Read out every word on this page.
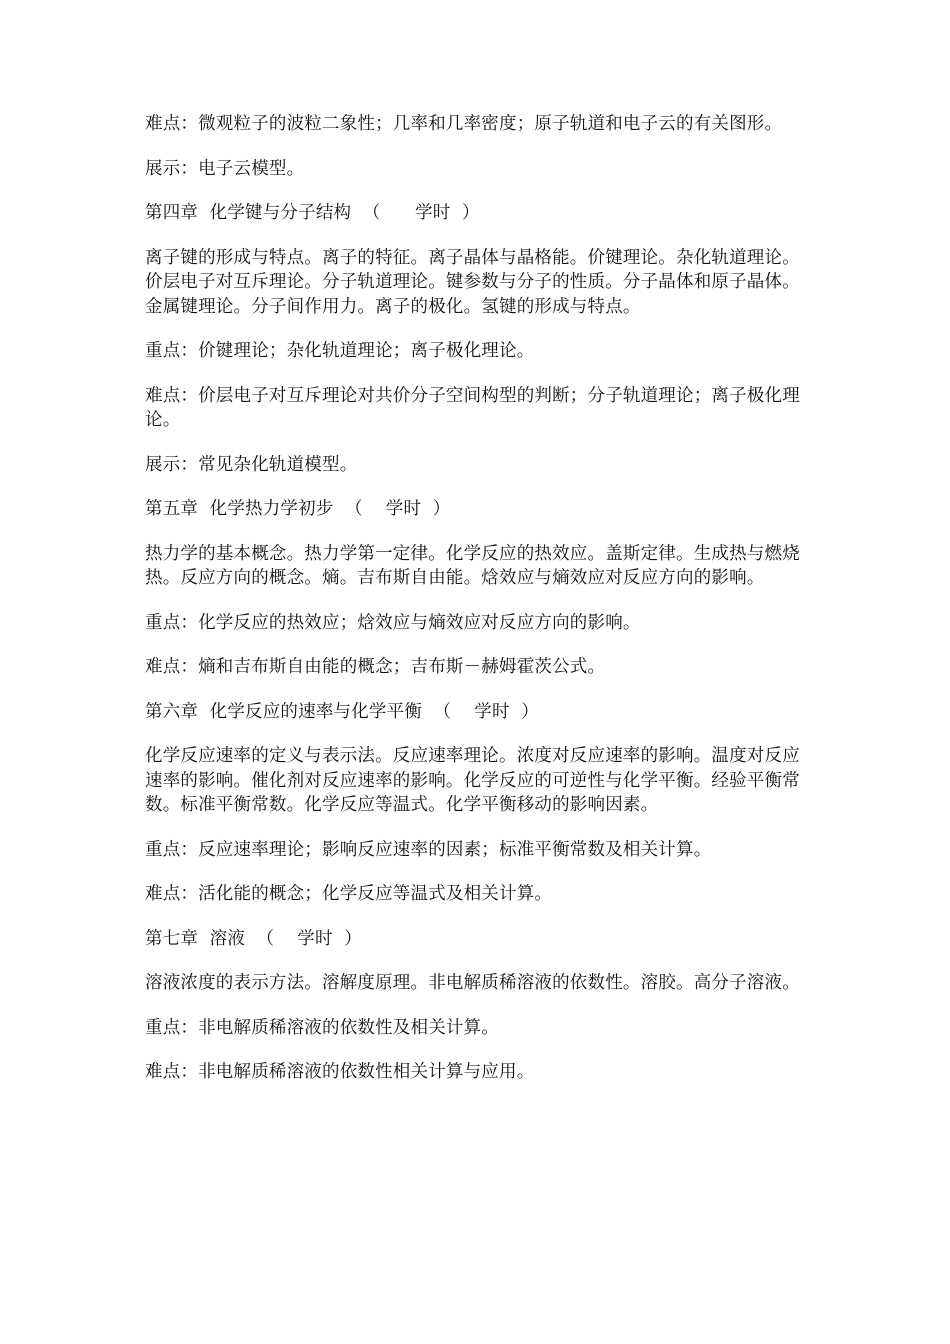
难点：微观粒子的波粒二象性；几率和几率密度；原子轨道和电子云的有关图形。

展示：电子云模型。

第四章  化学键与分子结构  （      学时  ）

离子键的形成与特点。离子的特征。离子晶体与晶格能。价键理论。杂化轨道理论。价层电子对互斥理论。分子轨道理论。键参数与分子的性质。分子晶体和原子晶体。金属键理论。分子间作用力。离子的极化。氢键的形成与特点。

重点：价键理论；杂化轨道理论；离子极化理论。

难点：价层电子对互斥理论对共价分子空间构型的判断；分子轨道理论；离子极化理论。

展示：常见杂化轨道模型。

第五章  化学热力学初步  （    学时  ）

热力学的基本概念。热力学第一定律。化学反应的热效应。盖斯定律。生成热与燃烧热。反应方向的概念。熵。吉布斯自由能。焓效应与熵效应对反应方向的影响。

重点：化学反应的热效应；焓效应与熵效应对反应方向的影响。

难点：熵和吉布斯自由能的概念；吉布斯－赫姆霍茨公式。

第六章  化学反应的速率与化学平衡  （    学时  ）

化学反应速率的定义与表示法。反应速率理论。浓度对反应速率的影响。温度对反应速率的影响。催化剂对反应速率的影响。化学反应的可逆性与化学平衡。经验平衡常数。标准平衡常数。化学反应等温式。化学平衡移动的影响因素。

重点：反应速率理论；影响反应速率的因素；标准平衡常数及相关计算。

难点：活化能的概念；化学反应等温式及相关计算。

第七章  溶液  （    学时  ）

溶液浓度的表示方法。溶解度原理。非电解质稀溶液的依数性。溶胶。高分子溶液。

重点：非电解质稀溶液的依数性及相关计算。

难点：非电解质稀溶液的依数性相关计算与应用。
